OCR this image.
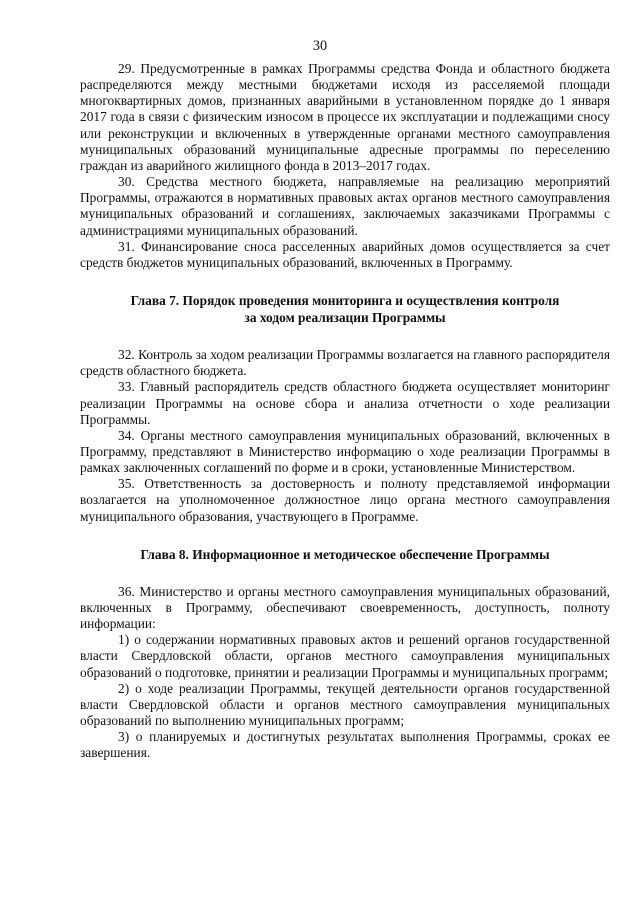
30

29. Предусмотренные в рамках Программы средства Фонда и областного бюджета распределяются между местными бюджетами исходя из расселяемой площади многоквартирных домов, признанных аварийными в установленном порядке до 1 января 2017 года в связи с физическим износом в процессе их эксплуатации и подлежащими сносу или реконструкции и включенных в утвержденные органами местного самоуправления муниципальных образований муниципальные адресные программы по переселению граждан из аварийного жилищного фонда в 2013–2017 годах.

30. Средства местного бюджета, направляемые на реализацию мероприятий Программы, отражаются в нормативных правовых актах органов местного самоуправления муниципальных образований и соглашениях, заключаемых заказчиками Программы с администрациями муниципальных образований.

31. Финансирование сноса расселенных аварийных домов осуществляется за счет средств бюджетов муниципальных образований, включенных в Программу.

Глава 7. Порядок проведения мониторинга и осуществления контроля
за ходом реализации Программы

32. Контроль за ходом реализации Программы возлагается на главного распорядителя средств областного бюджета.

33. Главный распорядитель средств областного бюджета осуществляет мониторинг реализации Программы на основе сбора и анализа отчетности о ходе реализации Программы.

34. Органы местного самоуправления муниципальных образований, включенных в Программу, представляют в Министерство информацию о ходе реализации Программы в рамках заключенных соглашений по форме и в сроки, установленные Министерством.

35. Ответственность за достоверность и полноту представляемой информации возлагается на уполномоченное должностное лицо органа местного самоуправления муниципального образования, участвующего в Программе.

Глава 8. Информационное и методическое обеспечение Программы

36. Министерство и органы местного самоуправления муниципальных образований, включенных в Программу, обеспечивают своевременность, доступность, полноту информации:

1) о содержании нормативных правовых актов и решений органов государственной власти Свердловской области, органов местного самоуправления муниципальных образований о подготовке, принятии и реализации Программы и муниципальных программ;

2) о ходе реализации Программы, текущей деятельности органов государственной власти Свердловской области и органов местного самоуправления муниципальных образований по выполнению муниципальных программ;

3) о планируемых и достигнутых результатах выполнения Программы, сроках ее завершения.
